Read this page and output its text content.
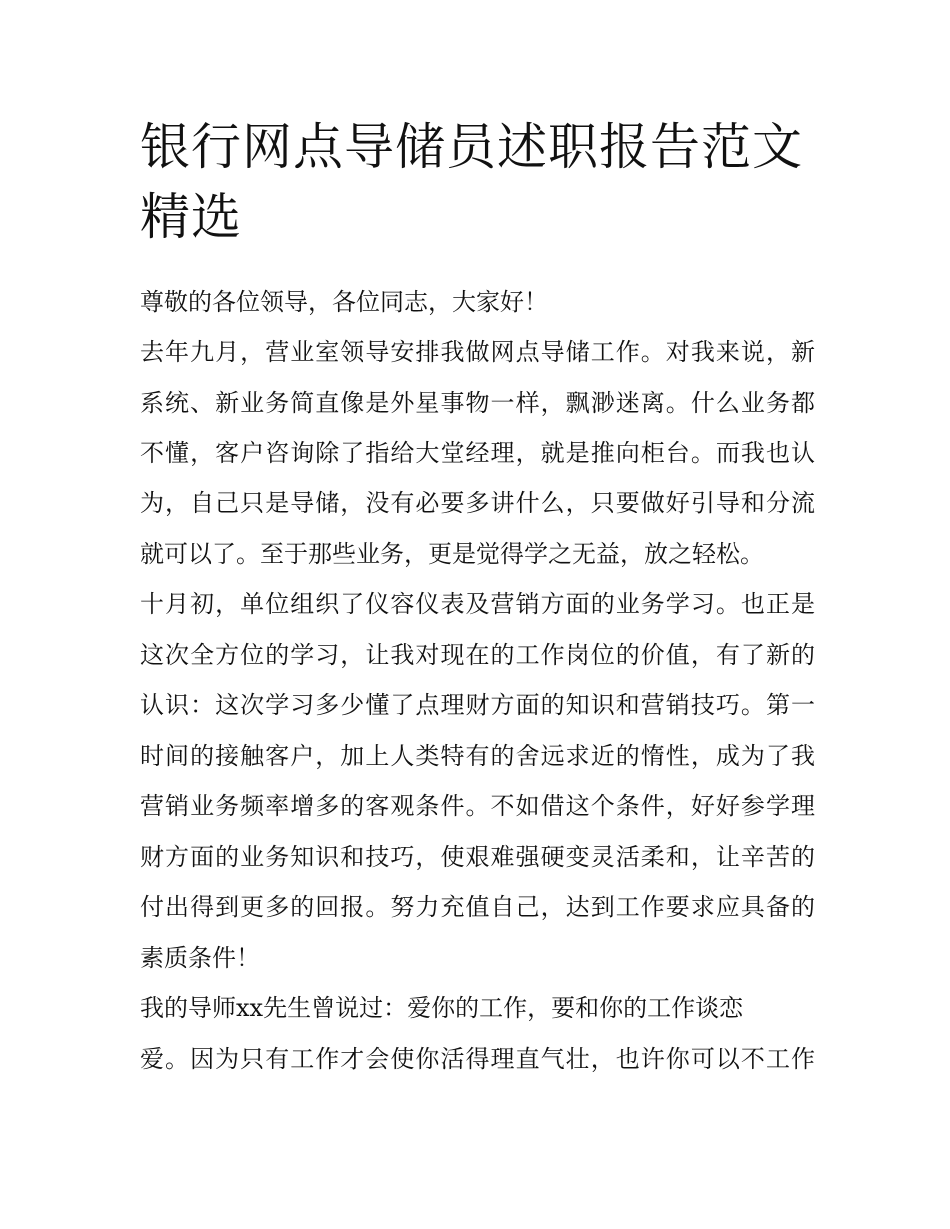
银行网点导储员述职报告范文精选

尊敬的各位领导，各位同志，大家好！

去年九月，营业室领导安排我做网点导储工作。对我来说，新

系统、新业务简直像是外星事物一样，飘渺迷离。什么业务都

不懂，客户咨询除了指给大堂经理，就是推向柜台。而我也认

为，自己只是导储，没有必要多讲什么，只要做好引导和分流

就可以了。至于那些业务，更是觉得学之无益，放之轻松。

十月初，单位组织了仪容仪表及营销方面的业务学习。也正是

这次全方位的学习，让我对现在的工作岗位的价值，有了新的

认识：这次学习多少懂了点理财方面的知识和营销技巧。第一

时间的接触客户，加上人类特有的舍远求近的惰性，成为了我

营销业务频率增多的客观条件。不如借这个条件，好好参学理

财方面的业务知识和技巧，使艰难强硬变灵活柔和，让辛苦的

付出得到更多的回报。努力充值自己，达到工作要求应具备的

素质条件！

我的导师xx先生曾说过：爱你的工作，要和你的工作谈恋

爱。因为只有工作才会使你活得理直气壮，也许你可以不工作
